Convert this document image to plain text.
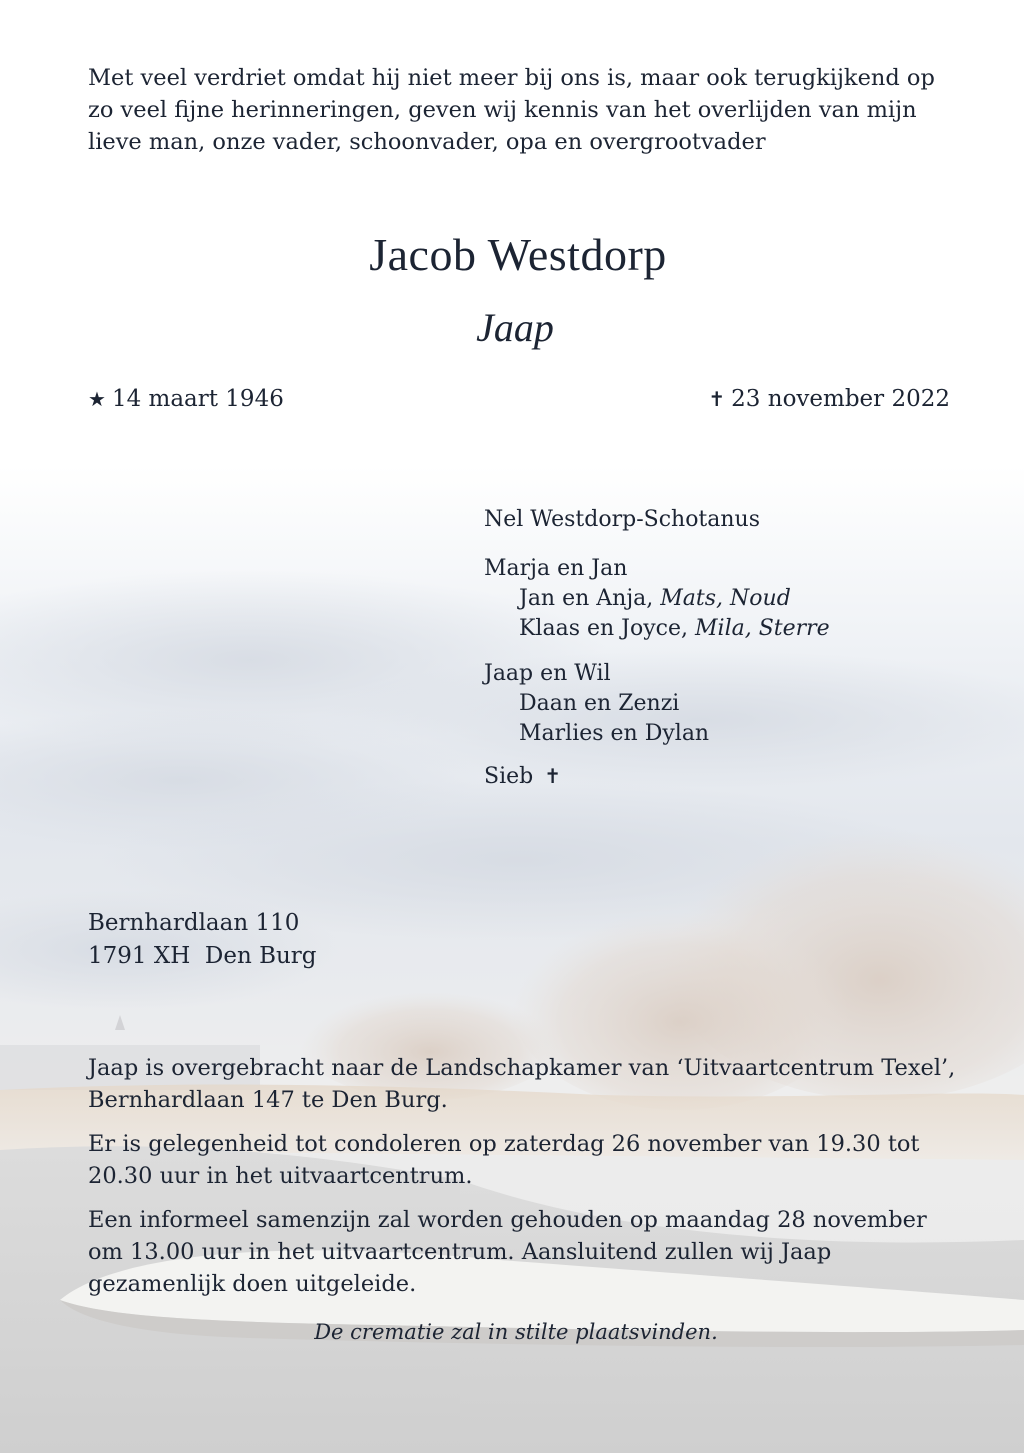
Met veel verdriet omdat hij niet meer bij ons is, maar ook terugkijkend op zo veel fijne herinneringen, geven wij kennis van het overlijden van mijn lieve man, onze vader, schoonvader, opa en overgrootvader

Jacob Westdorp
Jaap
★ 14 maart 1946	✝ 23 november 2022
Nel Westdorp-Schotanus
Marja en Jan
Jan en Anja, Mats, Noud
Klaas en Joyce, Mila, Sterre
Jaap en Wil
Daan en Zenzi
Marlies en Dylan
Sieb ✝
Bernhardlaan 110
1791 XH  Den Burg

Jaap is overgebracht naar de Landschapkamer van ‘Uitvaartcentrum Texel’, Bernhardlaan 147 te Den Burg.

Er is gelegenheid tot condoleren op zaterdag 26 november van 19.30 tot 20.30 uur in het uitvaartcentrum.

Een informeel samenzijn zal worden gehouden op maandag 28 november om 13.00 uur in het uitvaartcentrum. Aansluitend zullen wij Jaap gezamenlijk doen uitgeleide.

De crematie zal in stilte plaatsvinden.
